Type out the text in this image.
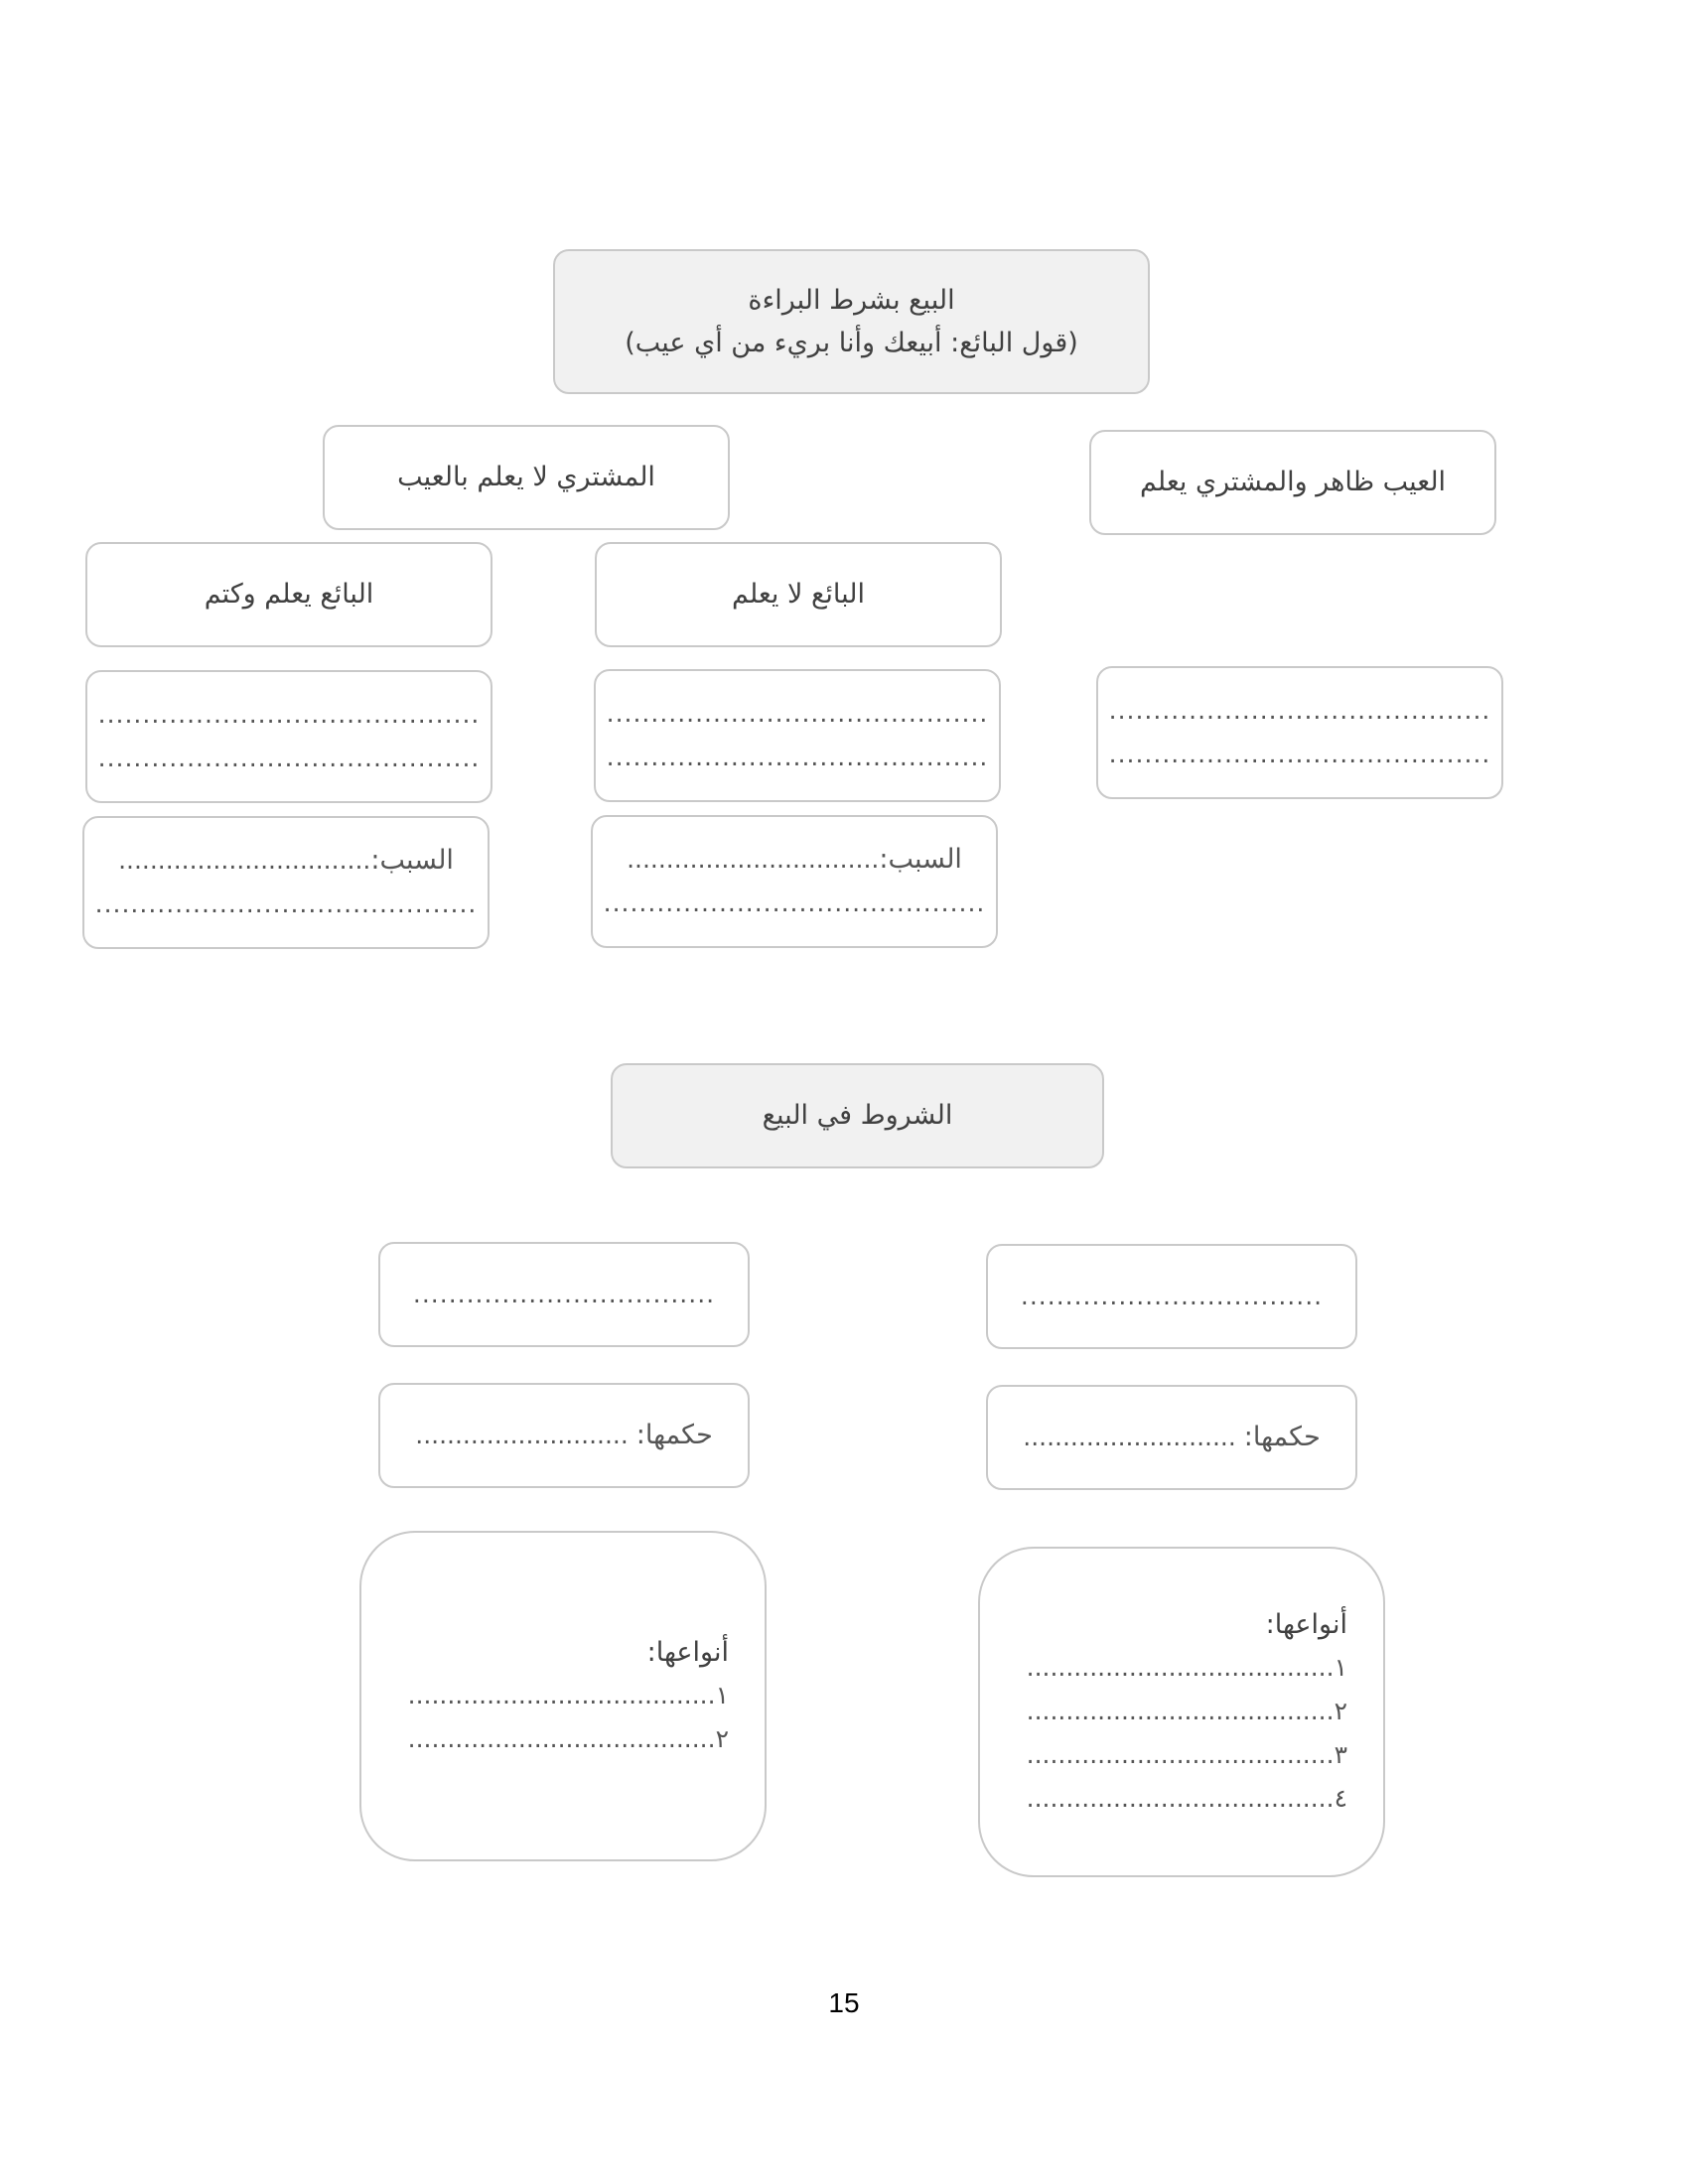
البيع بشرط البراءة
(قول البائع: أبيعك وأنا بريء من أي عيب)
المشتري لا يعلم بالعيب	العيب ظاهر والمشتري يعلم
البائع يعلم وكتم	البائع لا يعلم
...........................................
...........................................
...........................................
...........................................
...........................................
...........................................
السبب:................................
...........................................
السبب:................................
...........................................
الشروط في البيع
..................................	..................................
حكمها: ...........................	حكمها: ...........................
أنواعها:
١.......................................
٢.......................................
أنواعها:
١.......................................
٢.......................................
٣.......................................
٤.......................................
15
